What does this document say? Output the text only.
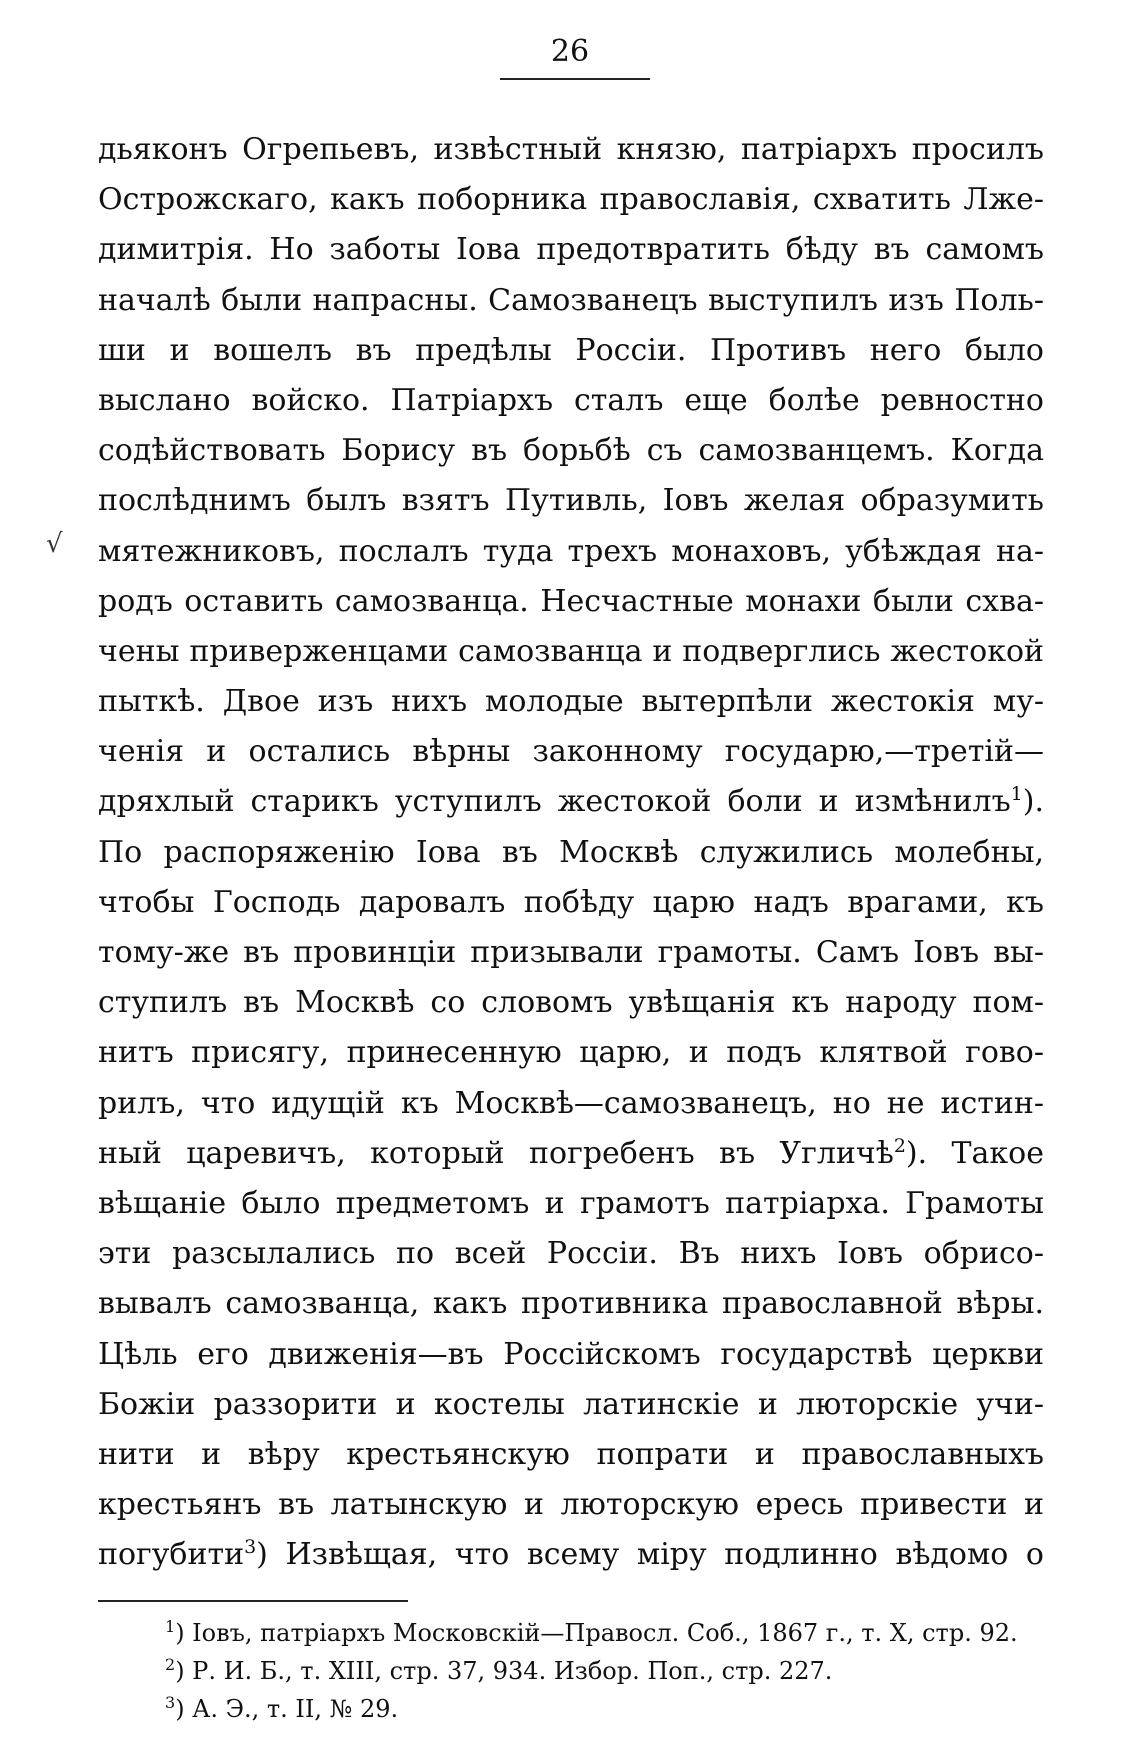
26
√
дьяконъ Огрепьевъ, извѣстный князю, патріархъ просилъ
Острожскаго, какъ поборника православія, схватить Лже-
димитрія. Но заботы Іова предотвратить бѣду въ самомъ
началѣ были напрасны. Самозванецъ выступилъ изъ Поль-
ши и вошелъ въ предѣлы Россіи. Противъ него было
выслано войско. Патріархъ сталъ еще болѣе ревностно
содѣйствовать Борису въ борьбѣ съ самозванцемъ. Когда
послѣднимъ былъ взятъ Путивль, Іовъ желая образумить
мятежниковъ, послалъ туда трехъ монаховъ, убѣждая на-
родъ оставить самозванца. Несчастные монахи были схва-
чены приверженцами самозванца и подверглись жестокой
пыткѣ. Двое изъ нихъ молодые вытерпѣли жестокія му-
ченія и остались вѣрны законному государю,—третій—
дряхлый старикъ уступилъ жестокой боли и измѣнилъ$^1$).
По распоряженію Іова въ Москвѣ служились молебны,
чтобы Господь даровалъ побѣду царю надъ врагами, къ
тому-же въ провинціи призывали грамоты. Самъ Іовъ вы-
ступилъ въ Москвѣ со словомъ увѣщанія къ народу пом-
нитъ присягу, принесенную царю, и подъ клятвой гово-
рилъ, что идущій къ Москвѣ—самозванецъ, но не истин-
ный царевичъ, который погребенъ въ Угличѣ$^2$). Такое
вѣщаніе было предметомъ и грамотъ патріарха. Грамоты
эти разсылались по всей Россіи. Въ нихъ Іовъ обрисо-
вывалъ самозванца, какъ противника православной вѣры.
Цѣль его движенія—въ Россійскомъ государствѣ церкви
Божіи раззорити и костелы латинскіе и люторскіе учи-
нити и вѣру крестьянскую попрати и православныхъ
крестьянъ въ латынскую и люторскую ересь привести и
погубити$^3$) Извѣщая, что всему міру подлинно вѣдомо о
$^1$) Іовъ, патріархъ Московскій—Правосл. Соб., 1867 г., т. X, стр. 92.
$^2$) Р. И. Б., т. XIII, стр. 37, 934. Избор. Поп., стр. 227.
$^3$) А. Э., т. II, № 29.
